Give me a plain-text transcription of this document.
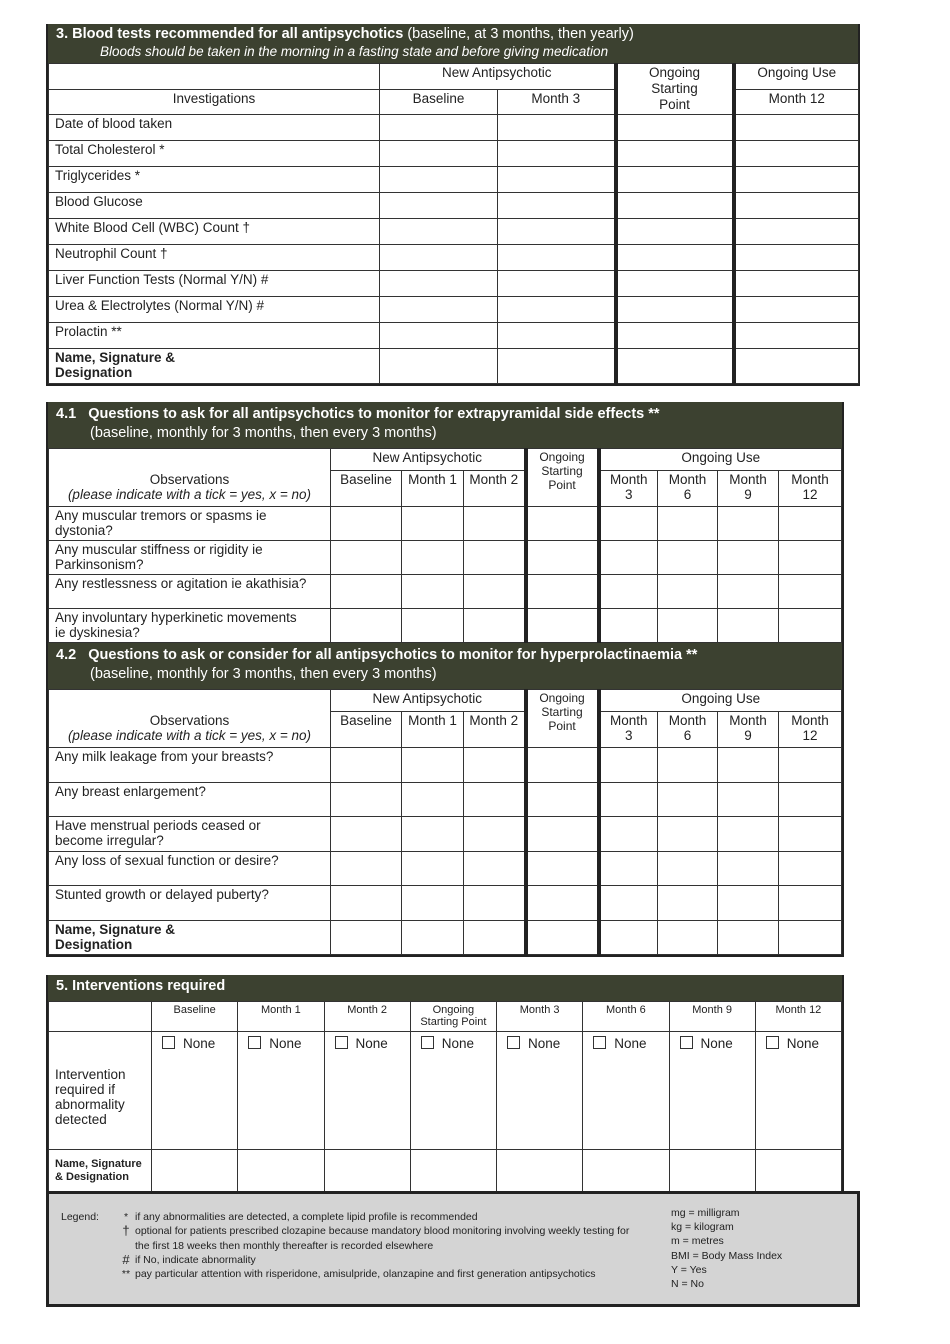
3. Blood tests recommended for all antipsychotics (baseline, at 3 months, then yearly)
Bloods should be taken in the morning in a fasting state and before giving medication
	New Antipsychotic		Ongoing Starting Point	Ongoing Use
Investigations	Baseline	Month 3		Month 12
Date of blood taken				
Total Cholesterol *				
Triglycerides *				
Blood Glucose				
White Blood Cell (WBC) Count †				
Neutrophil Count †				
Liver Function Tests (Normal Y/N) #				
Urea & Electrolytes (Normal Y/N) #				
Prolactin **				

Name, Signature & Designation				

4.1 Questions to ask for all antipsychotics to monitor for extrapyramidal side effects **
(baseline, monthly for 3 months, then every 3 months)
	New Antipsychotic			Ongoing Starting Point	Ongoing Use			

Observations
(please indicate with a tick = yes, x = no)	Baseline	Month 1	Month 2		Month 3	Month 6	Month 9	Month 12
Any muscular tremors or spasms ie dystonia?								
Any muscular stiffness or rigidity ie Parkinsonism?								
Any restlessness or agitation ie akathisia?								
Any involuntary hyperkinetic movements ie dyskinesia?								
4.2 Questions to ask or consider for all antipsychotics to monitor for hyperprolactinaemia **
(baseline, monthly for 3 months, then every 3 months)
	New Antipsychotic			Ongoing Starting Point	Ongoing Use			

Observations
(please indicate with a tick = yes, x = no)	Baseline	Month 1	Month 2		Month 3	Month 6	Month 9	Month 12
Any milk leakage from your breasts?								
Any breast enlargement?								
Have menstrual periods ceased or become irregular?								
Any loss of sexual function or desire?								
Stunted growth or delayed puberty?								

Name, Signature & Designation								

5. Interventions required
	Baseline	Month 1	Month 2	Ongoing Starting Point	Month 3	Month 6	Month 9	Month 12
Intervention required if abnormality detected	None	None	None	None	None	None	None	None
Name, Signature & Designation								
Legend:	* if any abnormalities are detected, a complete lipid profile is recommended
† optional for patients prescribed clozapine because mandatory blood monitoring involving weekly testing for the first 18 weeks then monthly thereafter is recorded elsewhere
# if No, indicate abnormality
** pay particular attention with risperidone, amisulpride, olanzapine and first generation antipsychotics
mg = milligram
kg = kilogram
m = metres
BMI = Body Mass Index
Y = Yes
N = No
